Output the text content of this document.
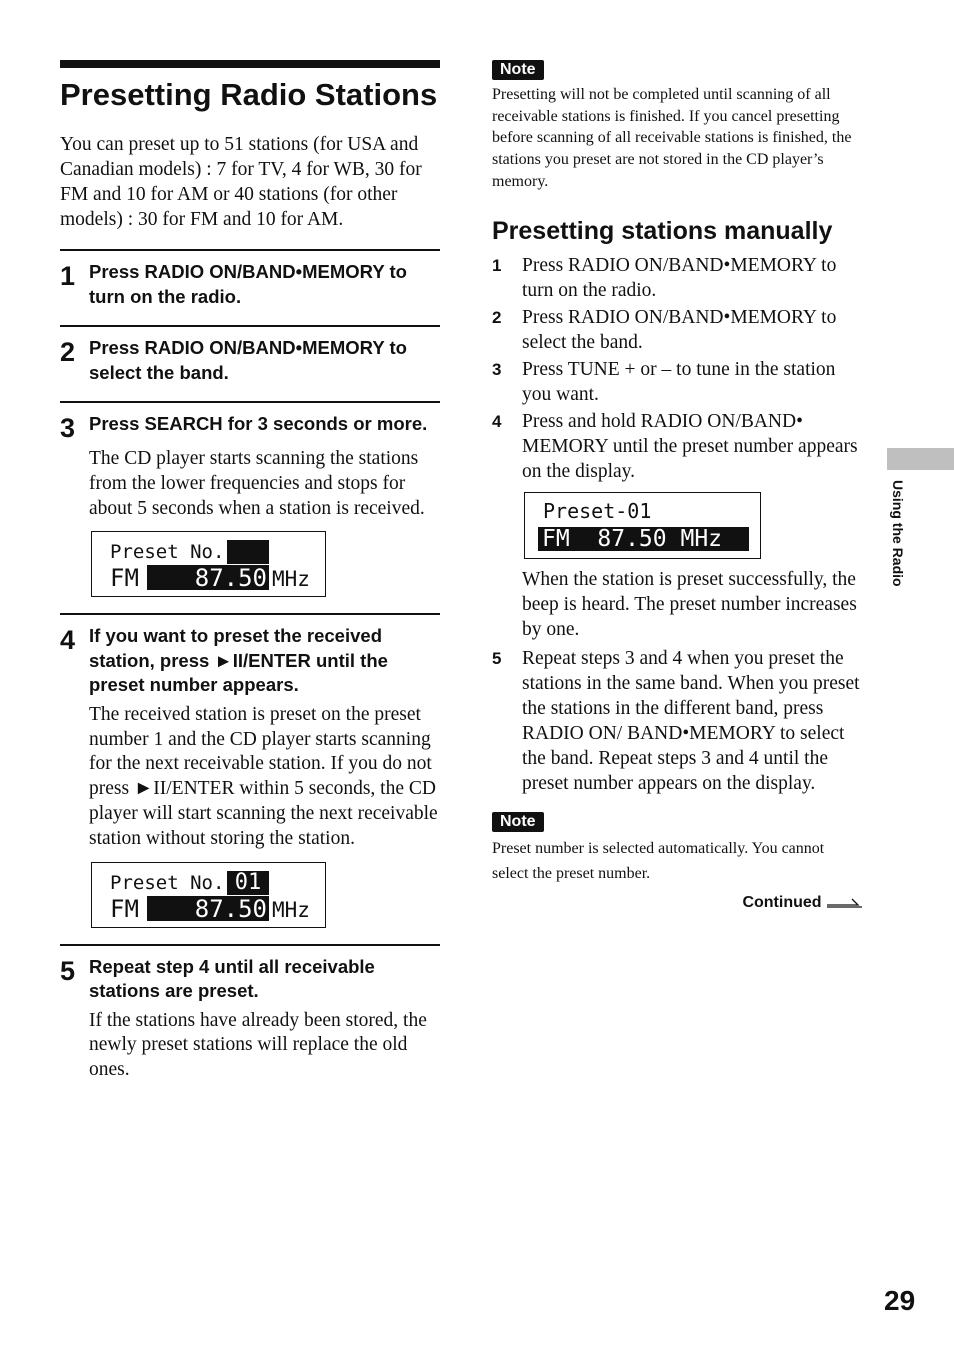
Presetting Radio Stations

You can preset up to 51 stations (for USA and Canadian models) : 7 for TV, 4 for WB, 30 for FM and 10 for AM or 40 stations (for other models) : 30 for FM and 10 for AM.

1 Press RADIO ON/BAND•MEMORY to turn on the radio.
2 Press RADIO ON/BAND•MEMORY to select the band.
3 Press SEARCH for 3 seconds or more.
The CD player starts scanning the stations from the lower frequencies and stops for about 5 seconds when a station is received.
Preset No.
FM	87.50 MHz
4 If you want to preset the received station, press ►II/ENTER until the preset number appears.
The received station is preset on the preset number 1 and the CD player starts scanning for the next receivable station. If you do not press ►II/ENTER within 5 seconds, the CD player will start scanning the next receivable station without storing the station.
Preset No. 01
FM	87.50 MHz
5 Repeat step 4 until all receivable stations are preset.
If the stations have already been stored, the newly preset stations will replace the old ones.
Note

Presetting will not be completed until scanning of all receivable stations is finished. If you cancel presetting before scanning of all receivable stations is finished, the stations you preset are not stored in the CD player’s memory.

Presetting stations manually
1	Press RADIO ON/BAND•MEMORY to turn on the radio.
2	Press RADIO ON/BAND•MEMORY to select the band.
3	Press TUNE + or – to tune in the station you want.
4	Press and hold RADIO ON/BAND• MEMORY until the preset number appears on the display.
Preset-01
FM  87.50 MHz
When the station is preset successfully, the beep is heard. The preset number increases by one.
5	Repeat steps 3 and 4 when you preset the stations in the same band. When you preset the stations in the different band, press RADIO ON/ BAND•MEMORY to select the band. Repeat steps 3 and 4 until the preset number appears on the display.
Note

Preset number is selected automatically. You cannot select the preset number.

Continued
Using the Radio
29
